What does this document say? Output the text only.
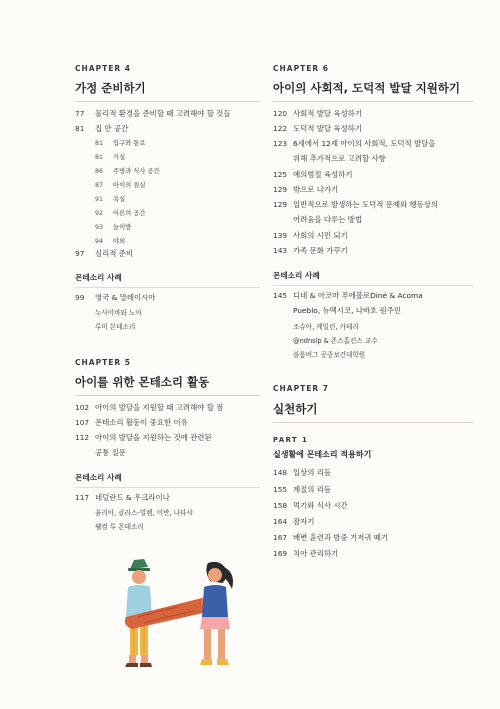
CHAPTER 4
가정 준비하기
77 물리적 환경을 준비할 때 고려해야 할 것들
81 집 안 공간
81 입구와 통로
81 거실
86 주방과 식사 공간
87 아이의 침실
91 욕실
92 어른의 공간
93 놀이방
94 야외
97 심리적 준비
몬테소리 사례
99 영국 & 말레이시아
누사이바와 노아
루미 몬테소리
CHAPTER 5
아이를 위한 몬테소리 활동
102 아이의 발달을 지원할 때 고려해야 할 점
107 몬테소리 활동이 중요한 이유
112 아이의 발달을 지원하는 것에 관련된
공통 질문
몬테소리 사례
117 네덜란드 & 우크라이나
율리아, 클라스-빌렘, 이반, 나타샤
웰컴 투 몬테소리
CHAPTER 6
아이의 사회적, 도덕적 발달 지원하기
120 사회적 발달 육성하기
122 도덕적 발달 육성하기
123 6세에서 12세 아이의 사회적, 도덕적 발달을
위해 추가적으로 고려할 사항
125 예의범절 육성하기
129 밖으로 나가기
129 일반적으로 발생하는 도덕적 문제와 행동상의
어려움을 다루는 방법
139 사회의 시민 되기
143 가족 문화 가꾸기
몬테소리 사례
145 디네 & 아코마 푸에블로Diné & Acoma
Pueblo, 뉴멕시코, 나바호 원주민
조슈아, 케일린, 카테리
@ndnslp & 존스홉킨스 교수
블룸버그 공중보건대학원
CHAPTER 7
실천하기
PART 1
실생활에 몬테소리 적용하기
148 일상의 리듬
155 계절의 리듬
158 먹기와 식사 시간
164 잠자기
167 배변 훈련과 밤중 기저귀 떼기
169 치아 관리하기
